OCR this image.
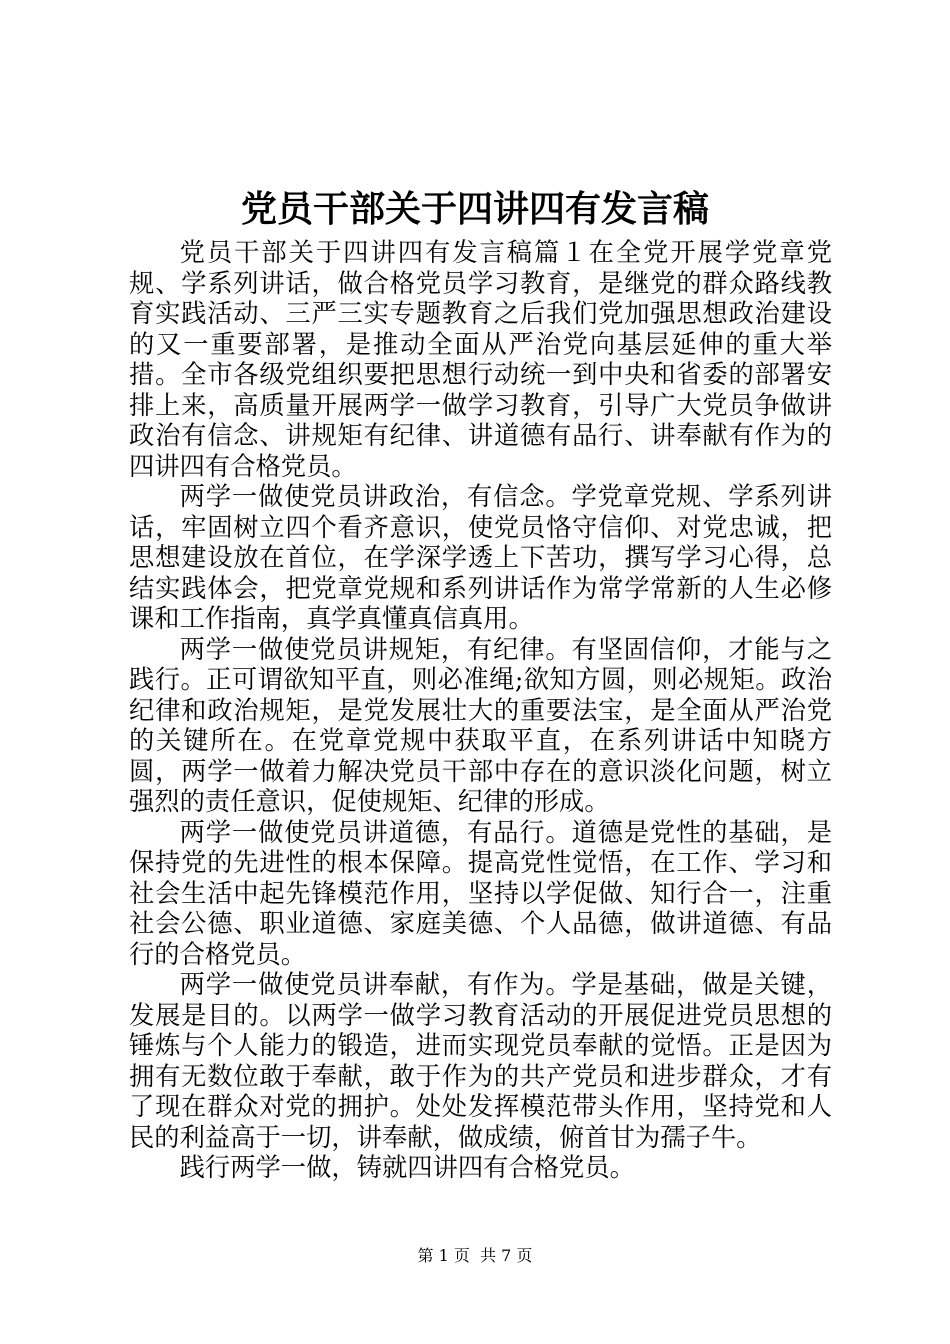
党员干部关于四讲四有发言稿

党员干部关于四讲四有发言稿篇１在全党开展学党章党规、学系列讲话，做合格党员学习教育，是继党的群众路线教育实践活动、三严三实专题教育之后我们党加强思想政治建设的又一重要部署，是推动全面从严治党向基层延伸的重大举措。全市各级党组织要把思想行动统一到中央和省委的部署安排上来，高质量开展两学一做学习教育，引导广大党员争做讲政治有信念、讲规矩有纪律、讲道德有品行、讲奉献有作为的四讲四有合格党员。

两学一做使党员讲政治，有信念。学党章党规、学系列讲话，牢固树立四个看齐意识，使党员恪守信仰、对党忠诚，把思想建设放在首位，在学深学透上下苦功，撰写学习心得，总结实践体会，把党章党规和系列讲话作为常学常新的人生必修课和工作指南，真学真懂真信真用。

两学一做使党员讲规矩，有纪律。有坚固信仰，才能与之践行。正可谓欲知平直，则必准绳;欲知方圆，则必规矩。政治纪律和政治规矩，是党发展壮大的重要法宝，是全面从严治党的关键所在。在党章党规中获取平直，在系列讲话中知晓方圆，两学一做着力解决党员干部中存在的意识淡化问题，树立强烈的责任意识，促使规矩、纪律的形成。

两学一做使党员讲道德，有品行。道德是党性的基础，是保持党的先进性的根本保障。提高党性觉悟，在工作、学习和社会生活中起先锋模范作用，坚持以学促做、知行合一，注重社会公德、职业道德、家庭美德、个人品德，做讲道德、有品行的合格党员。

两学一做使党员讲奉献，有作为。学是基础，做是关键，发展是目的。以两学一做学习教育活动的开展促进党员思想的锤炼与个人能力的锻造，进而实现党员奉献的觉悟。正是因为拥有无数位敢于奉献，敢于作为的共产党员和进步群众，才有了现在群众对党的拥护。处处发挥模范带头作用，坚持党和人民的利益高于一切，讲奉献，做成绩，俯首甘为孺子牛。

践行两学一做，铸就四讲四有合格党员。

第 1 页  共 7 页
